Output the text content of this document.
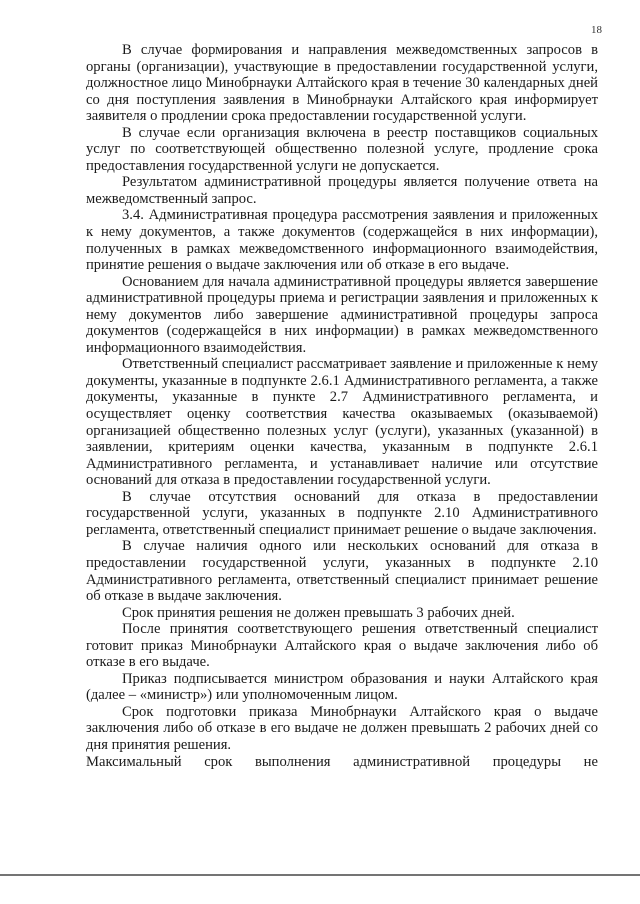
18

В случае формирования и направления межведомственных запросов в органы (организации), участвующие в предоставлении государственной услуги, должностное лицо Минобрнауки Алтайского края в течение 30 календарных дней со дня поступления заявления в Минобрнауки Алтайского края информирует заявителя о продлении срока предоставлении государственной услуги.

В случае если организация включена в реестр поставщиков социальных услуг по соответствующей общественно полезной услуге, продление срока предоставления государственной услуги не допускается.

Результатом административной процедуры является получение ответа на межведомственный запрос.

3.4. Административная процедура рассмотрения заявления и приложенных к нему документов, а также документов (содержащейся в них информации), полученных в рамках межведомственного информационного взаимодействия, принятие решения о выдаче заключения или об отказе в его выдаче.

Основанием для начала административной процедуры является завершение административной процедуры приема и регистрации заявления и приложенных к нему документов либо завершение административной процедуры запроса документов (содержащейся в них информации) в рамках межведомственного информационного взаимодействия.

Ответственный специалист рассматривает заявление и приложенные к нему документы, указанные в подпункте 2.6.1 Административного регламента, а также документы, указанные в пункте 2.7 Административного регламента, и осуществляет оценку соответствия качества оказываемых (оказываемой) организацией общественно полезных услуг (услуги), указанных (указанной) в заявлении, критериям оценки качества, указанным в подпункте 2.6.1 Административного регламента, и устанавливает наличие или отсутствие оснований для отказа в предоставлении государственной услуги.

В случае отсутствия оснований для отказа в предоставлении государственной услуги, указанных в подпункте 2.10 Административного регламента, ответственный специалист принимает решение о выдаче заключения.

В случае наличия одного или нескольких оснований для отказа в предоставлении государственной услуги, указанных в подпункте 2.10 Административного регламента, ответственный специалист принимает решение об отказе в выдаче заключения.

Срок принятия решения не должен превышать 3 рабочих дней.

После принятия соответствующего решения ответственный специалист готовит приказ Минобрнауки Алтайского края о выдаче заключения либо об отказе в его выдаче.

Приказ подписывается министром образования и науки Алтайского края (далее – «министр») или уполномоченным лицом.

Срок подготовки приказа Минобрнауки Алтайского края о выдаче заключения либо об отказе в его выдаче не должен превышать 2 рабочих дней со дня принятия решения.

Максимальный срок выполнения административной процедуры не
